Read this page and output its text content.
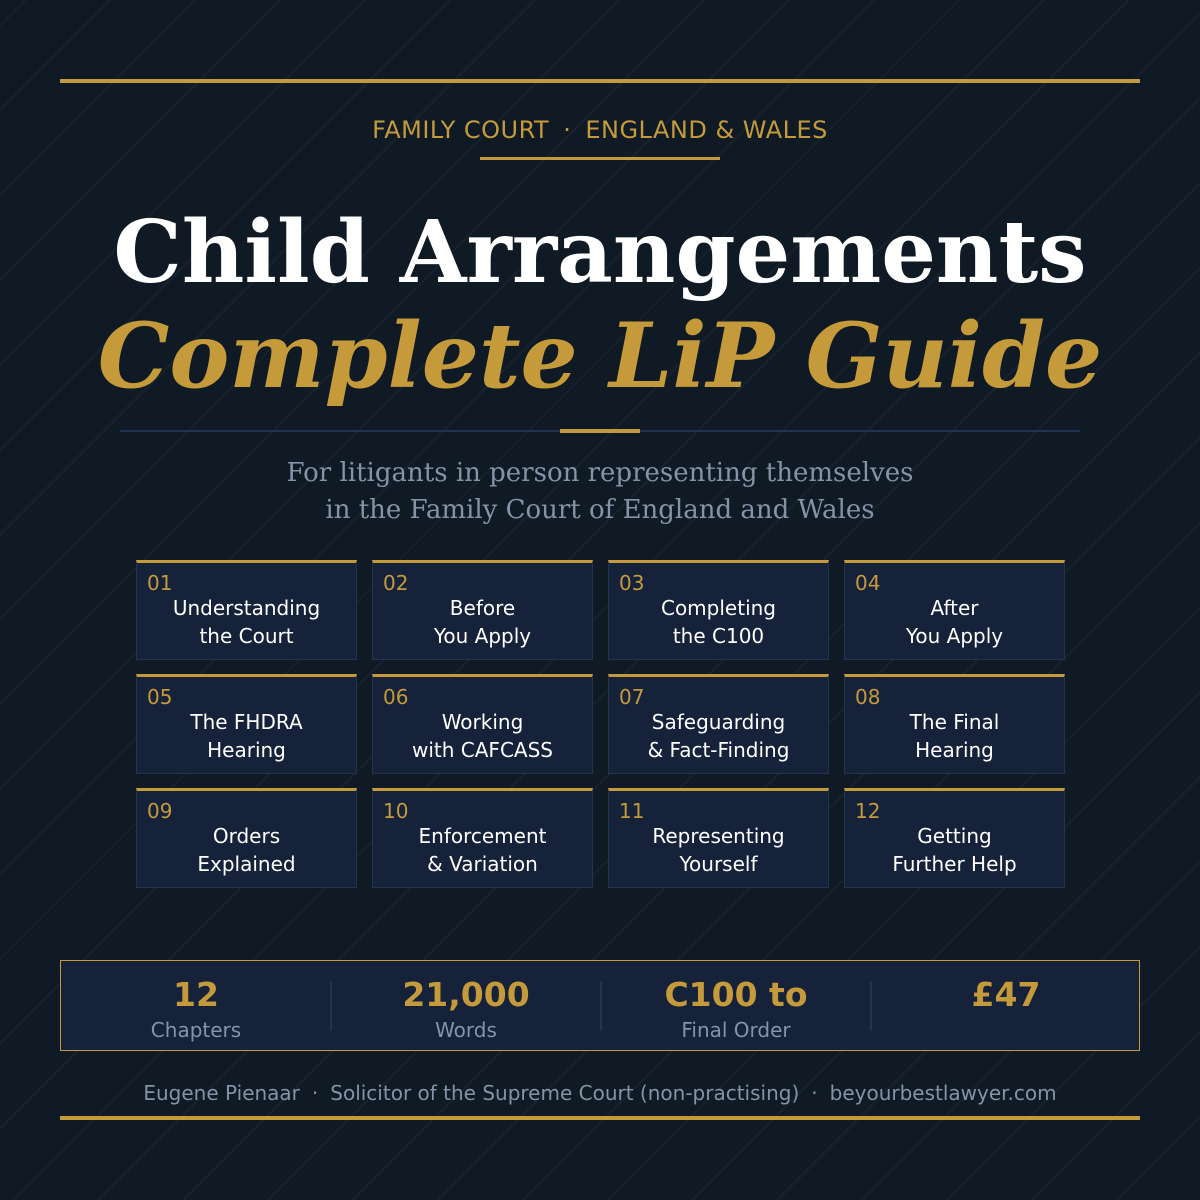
FAMILY COURT · ENGLAND & WALES
Child Arrangements
Complete LiP Guide
For litigants in person representing themselves
in the Family Court of England and Wales
01
Understanding
the Court
02
Before
You Apply
03
Completing
the C100
04
After
You Apply
05
The FHDRA
Hearing
06
Working
with CAFCASS
07
Safeguarding
& Fact-Finding
08
The Final
Hearing
09
Orders
Explained
10
Enforcement
& Variation
11
Representing
Yourself
12
Getting
Further Help
12
Chapters
21,000
Words
C100 to
Final Order
£47
Eugene Pienaar · Solicitor of the Supreme Court (non-practising) · beyourbestlawyer.com
